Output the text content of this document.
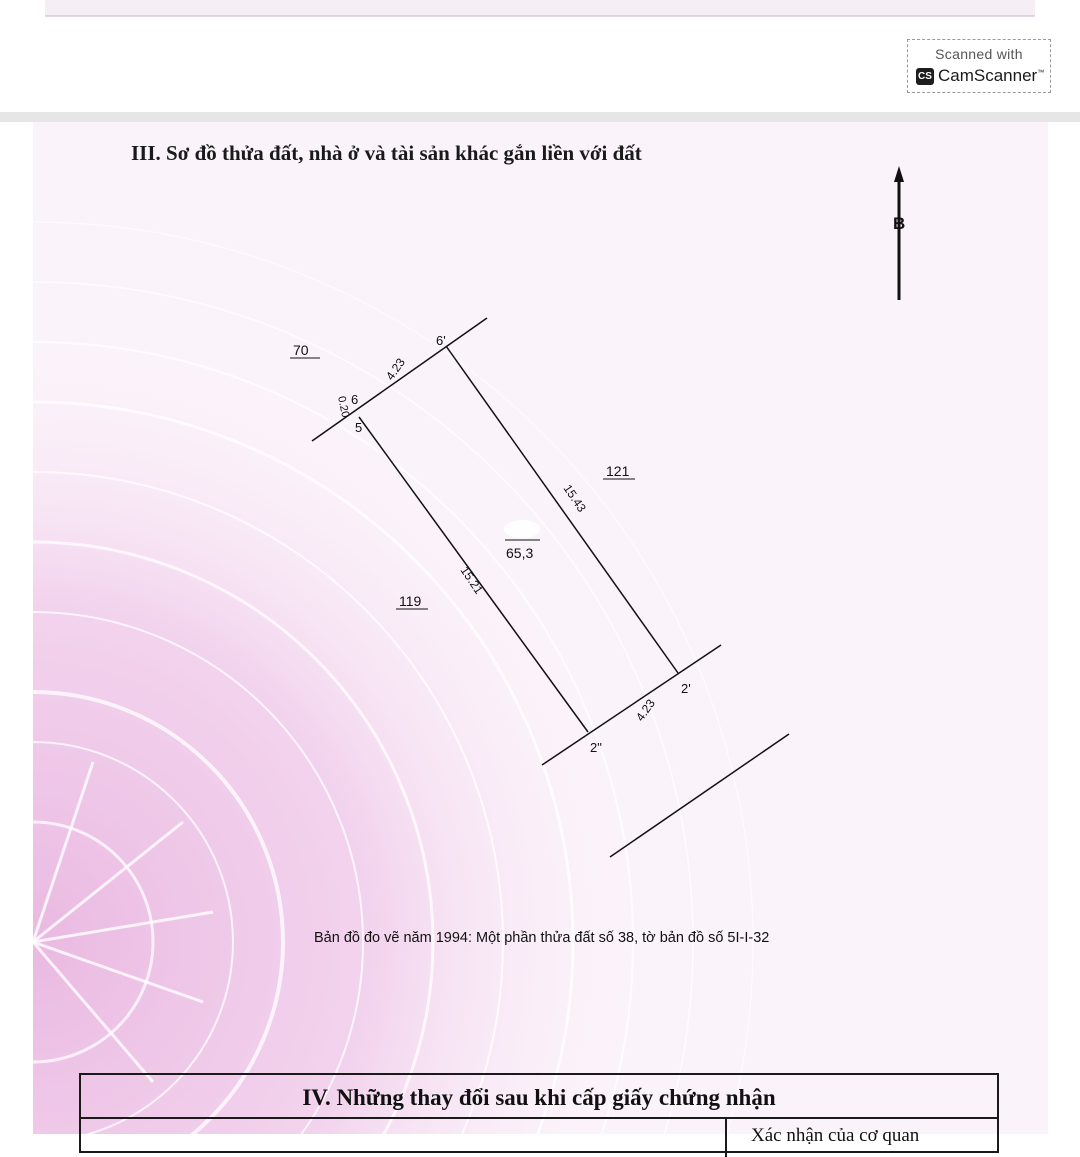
Scanned with
CS CamScanner™
III. Sơ đồ thửa đất, nhà ở và tài sản khác gắn liền với đất
B
70
121
119
6'
6
5
2'
2"
4.23
0.20
15.43
15.21
4.23
65,3
Bản đồ đo vẽ năm 1994: Một phần thửa đất số 38, tờ bản đồ số 5I-I-32
IV. Những thay đổi sau khi cấp giấy chứng nhận
Xác nhận của cơ quan
